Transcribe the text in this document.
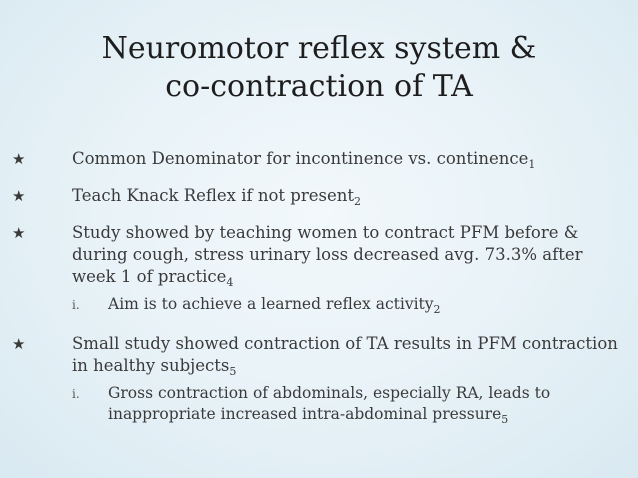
Neuromotor reflex system &
co-contraction of TA
★	Common Denominator for incontinence vs. continence$_1$
★	Teach Knack Reflex if not present$_2$
★	Study showed by teaching women to contract PFM before & during cough, stress urinary loss decreased avg. 73.3% after week 1 of practice$_4$
i. Aim is to achieve a learned reflex activity$_2$
★	Small study showed contraction of TA results in PFM contraction in healthy subjects$_5$
i. Gross contraction of abdominals, especially RA, leads to inappropriate increased intra-abdominal pressure$_5$
